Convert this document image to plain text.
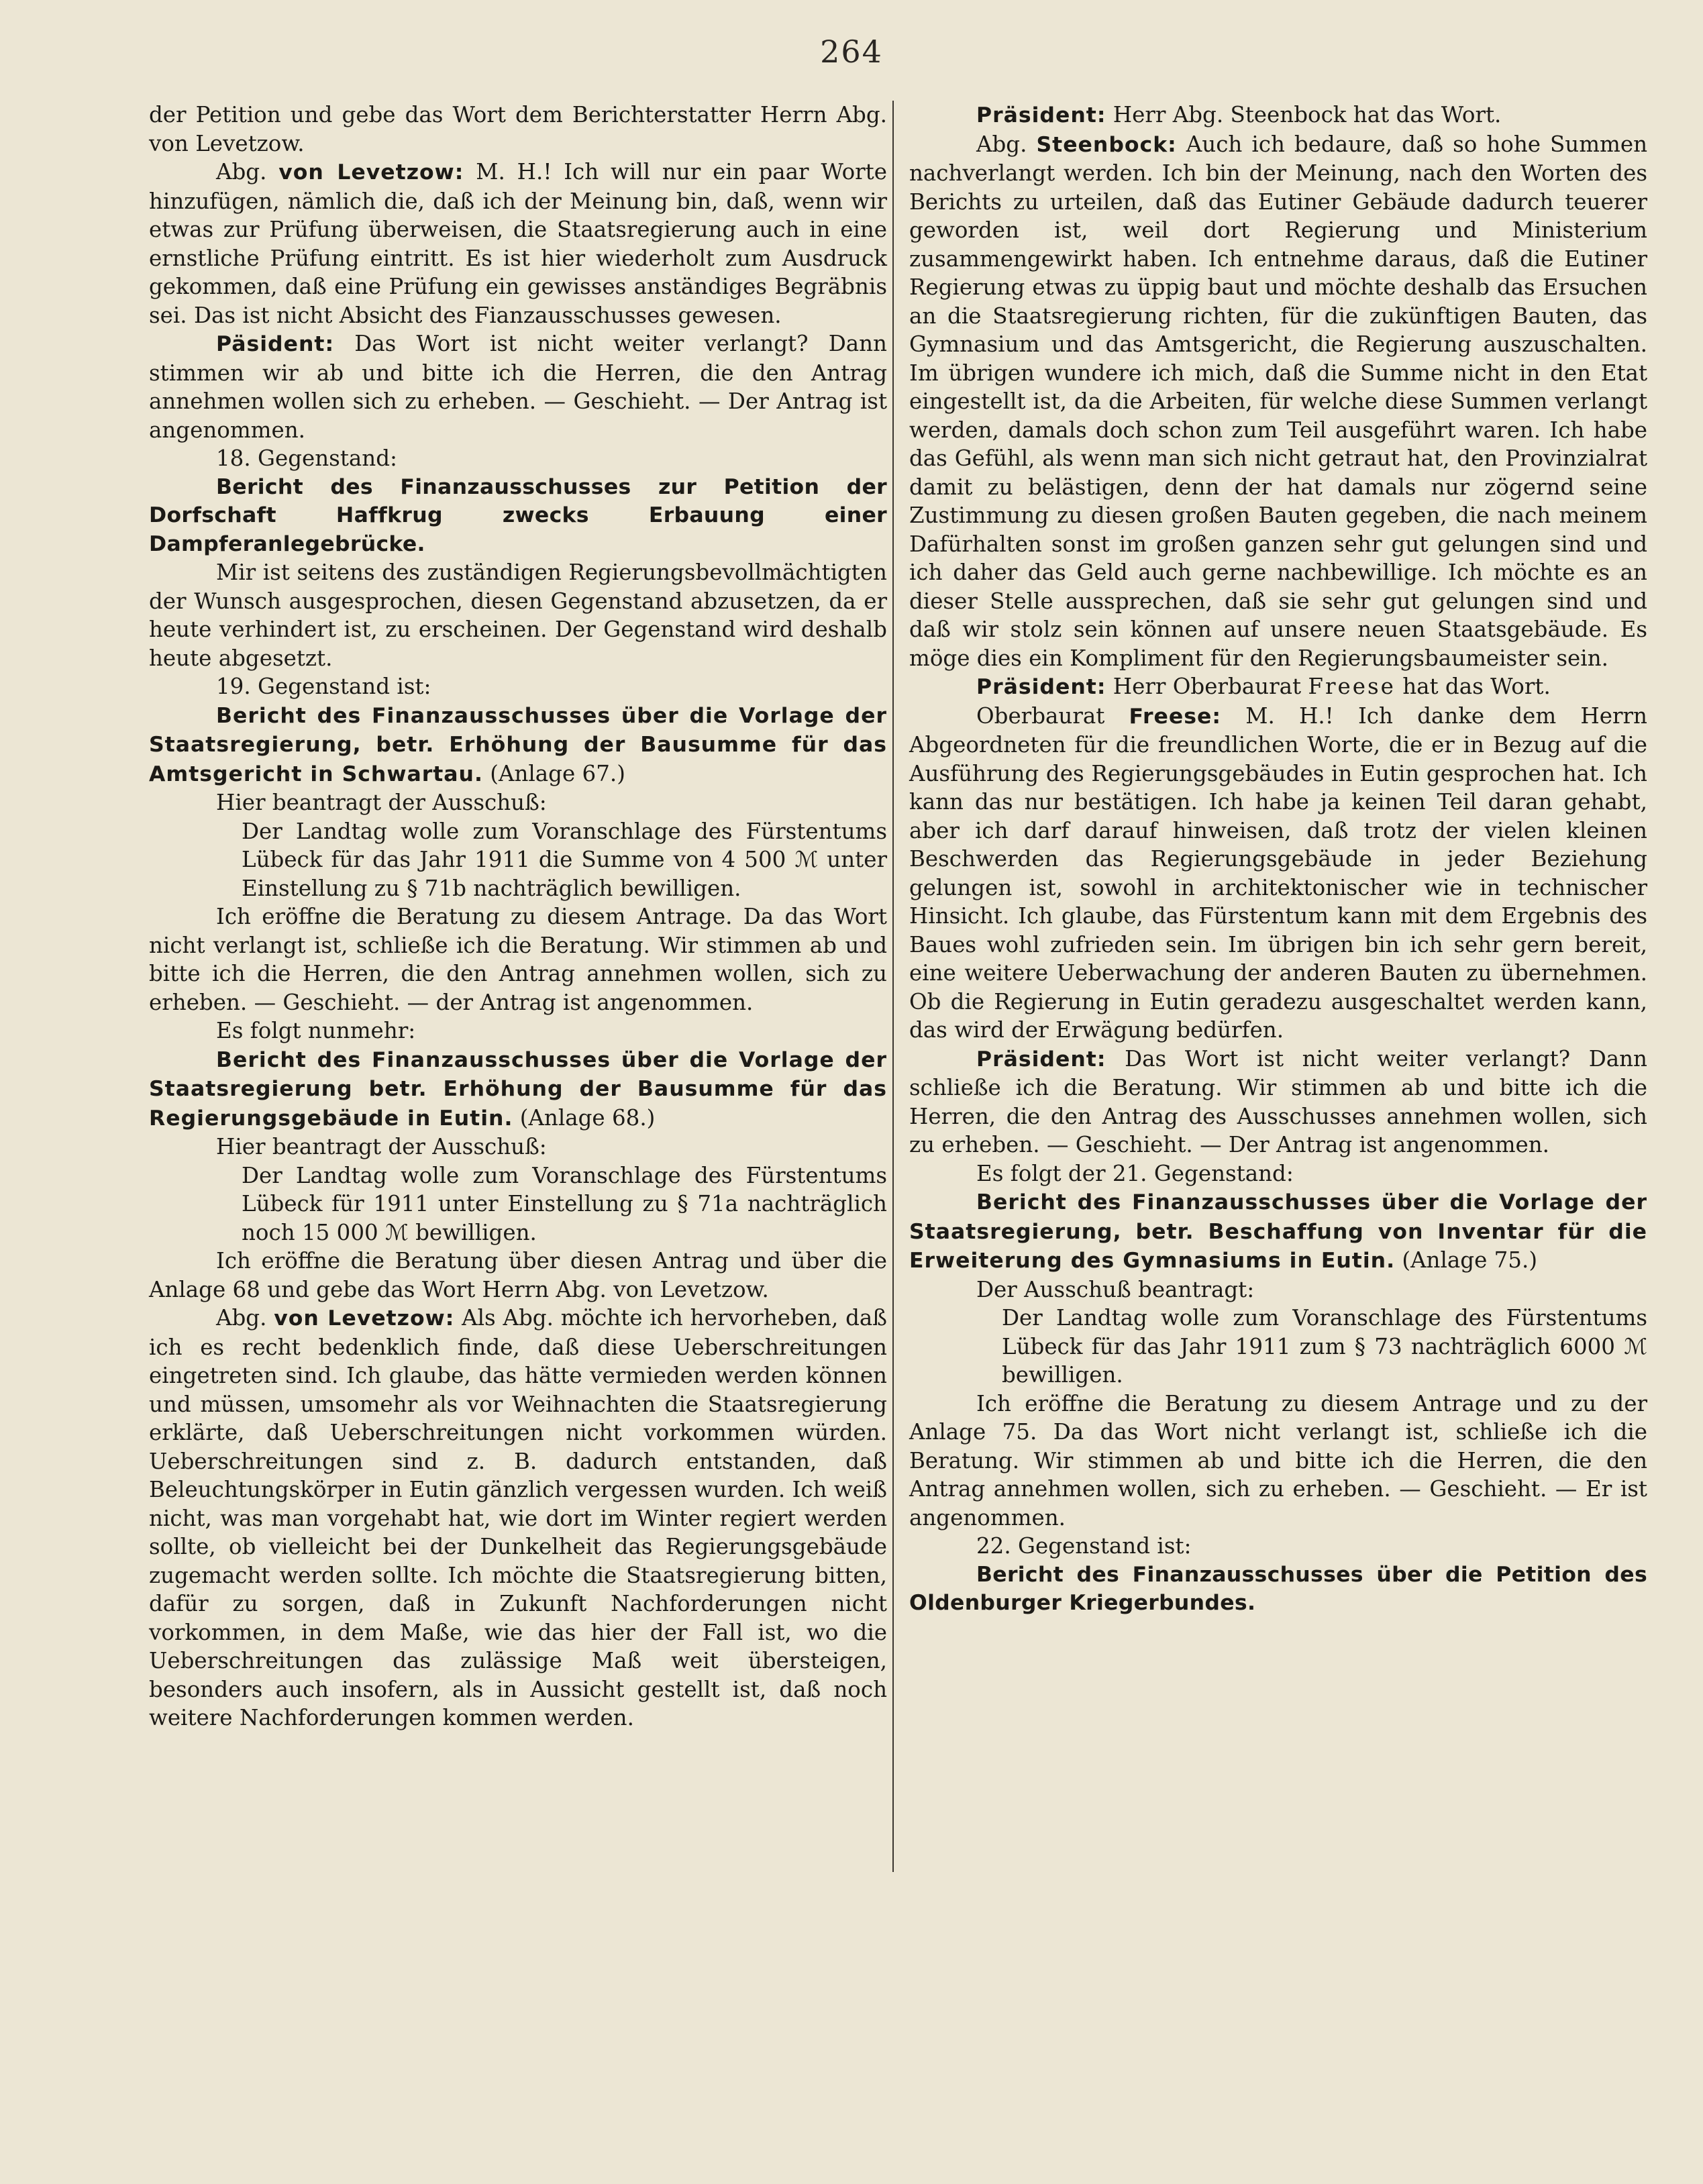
264

der Petition und gebe das Wort dem Berichterstatter Herrn Abg. von Levetzow.

Abg. von Levetzow: M. H.! Ich will nur ein paar Worte hinzufügen, nämlich die, daß ich der Meinung bin, daß, wenn wir etwas zur Prüfung überweisen, die Staatsregierung auch in eine ernstliche Prüfung eintritt. Es ist hier wiederholt zum Ausdruck gekommen, daß eine Prüfung ein gewisses anständiges Begräbnis sei. Das ist nicht Absicht des Fianzausschusses gewesen.

Päsident: Das Wort ist nicht weiter verlangt? Dann stimmen wir ab und bitte ich die Herren, die den Antrag annehmen wollen sich zu erheben. — Geschieht. — Der Antrag ist angenommen.

18. Gegenstand:

Bericht des Finanzausschusses zur Petition der Dorfschaft Haffkrug zwecks Erbauung einer Dampferanlegebrücke.

Mir ist seitens des zuständigen Regierungsbevollmächtigten der Wunsch ausgesprochen, diesen Gegenstand abzusetzen, da er heute verhindert ist, zu erscheinen. Der Gegenstand wird deshalb heute abgesetzt.

19. Gegenstand ist:

Bericht des Finanzausschusses über die Vorlage der Staatsregierung, betr. Erhöhung der Bausumme für das Amtsgericht in Schwartau. (Anlage 67.)

Hier beantragt der Ausschuß:

Der Landtag wolle zum Voranschlage des Fürstentums Lübeck für das Jahr 1911 die Summe von 4 500 ℳ unter Einstellung zu § 71b nachträglich bewilligen.

Ich eröffne die Beratung zu diesem Antrage. Da das Wort nicht verlangt ist, schließe ich die Beratung. Wir stimmen ab und bitte ich die Herren, die den Antrag annehmen wollen, sich zu erheben. — Geschieht. — der Antrag ist angenommen.

Es folgt nunmehr:

Bericht des Finanzausschusses über die Vorlage der Staatsregierung betr. Erhöhung der Bausumme für das Regierungsgebäude in Eutin. (Anlage 68.)

Hier beantragt der Ausschuß:

Der Landtag wolle zum Voranschlage des Fürstentums Lübeck für 1911 unter Einstellung zu § 71a nachträglich noch 15 000 ℳ bewilligen.

Ich eröffne die Beratung über diesen Antrag und über die Anlage 68 und gebe das Wort Herrn Abg. von Levetzow.

Abg. von Levetzow: Als Abg. möchte ich hervorheben, daß ich es recht bedenklich finde, daß diese Ueberschreitungen eingetreten sind. Ich glaube, das hätte vermieden werden können und müssen, umsomehr als vor Weihnachten die Staatsregierung erklärte, daß Ueberschreitungen nicht vorkommen würden. Ueberschreitungen sind z. B. dadurch entstanden, daß Beleuchtungskörper in Eutin gänzlich vergessen wurden. Ich weiß nicht, was man vorgehabt hat, wie dort im Winter regiert werden sollte, ob vielleicht bei der Dunkelheit das Regierungsgebäude zugemacht werden sollte. Ich möchte die Staatsregierung bitten, dafür zu sorgen, daß in Zukunft Nachforderungen nicht vorkommen, in dem Maße, wie das hier der Fall ist, wo die Ueberschreitungen das zulässige Maß weit übersteigen, besonders auch insofern, als in Aussicht gestellt ist, daß noch weitere Nachforderungen kommen werden.

Präsident: Herr Abg. Steenbock hat das Wort.

Abg. Steenbock: Auch ich bedaure, daß so hohe Summen nachverlangt werden. Ich bin der Meinung, nach den Worten des Berichts zu urteilen, daß das Eutiner Gebäude dadurch teuerer geworden ist, weil dort Regierung und Ministerium zusammengewirkt haben. Ich entnehme daraus, daß die Eutiner Regierung etwas zu üppig baut und möchte deshalb das Ersuchen an die Staatsregierung richten, für die zukünftigen Bauten, das Gymnasium und das Amtsgericht, die Regierung auszuschalten. Im übrigen wundere ich mich, daß die Summe nicht in den Etat eingestellt ist, da die Arbeiten, für welche diese Summen verlangt werden, damals doch schon zum Teil ausgeführt waren. Ich habe das Gefühl, als wenn man sich nicht getraut hat, den Provinzialrat damit zu belästigen, denn der hat damals nur zögernd seine Zustimmung zu diesen großen Bauten gegeben, die nach meinem Dafürhalten sonst im großen ganzen sehr gut gelungen sind und ich daher das Geld auch gerne nachbewillige. Ich möchte es an dieser Stelle aussprechen, daß sie sehr gut gelungen sind und daß wir stolz sein können auf unsere neuen Staatsgebäude. Es möge dies ein Kompliment für den Regierungsbaumeister sein.

Präsident: Herr Oberbaurat Freese hat das Wort.

Oberbaurat Freese: M. H.! Ich danke dem Herrn Abgeordneten für die freundlichen Worte, die er in Bezug auf die Ausführung des Regierungsgebäudes in Eutin gesprochen hat. Ich kann das nur bestätigen. Ich habe ja keinen Teil daran gehabt, aber ich darf darauf hinweisen, daß trotz der vielen kleinen Beschwerden das Regierungsgebäude in jeder Beziehung gelungen ist, sowohl in architektonischer wie in technischer Hinsicht. Ich glaube, das Fürstentum kann mit dem Ergebnis des Baues wohl zufrieden sein. Im übrigen bin ich sehr gern bereit, eine weitere Ueberwachung der anderen Bauten zu übernehmen. Ob die Regierung in Eutin geradezu ausgeschaltet werden kann, das wird der Erwägung bedürfen.

Präsident: Das Wort ist nicht weiter verlangt? Dann schließe ich die Beratung. Wir stimmen ab und bitte ich die Herren, die den Antrag des Ausschusses annehmen wollen, sich zu erheben. — Geschieht. — Der Antrag ist angenommen.

Es folgt der 21. Gegenstand:

Bericht des Finanzausschusses über die Vorlage der Staatsregierung, betr. Beschaffung von Inventar für die Erweiterung des Gymnasiums in Eutin. (Anlage 75.)

Der Ausschuß beantragt:

Der Landtag wolle zum Voranschlage des Fürstentums Lübeck für das Jahr 1911 zum § 73 nachträglich 6000 ℳ bewilligen.

Ich eröffne die Beratung zu diesem Antrage und zu der Anlage 75. Da das Wort nicht verlangt ist, schließe ich die Beratung. Wir stimmen ab und bitte ich die Herren, die den Antrag annehmen wollen, sich zu erheben. — Geschieht. — Er ist angenommen.

22. Gegenstand ist:

Bericht des Finanzausschusses über die Petition des Oldenburger Kriegerbundes.
